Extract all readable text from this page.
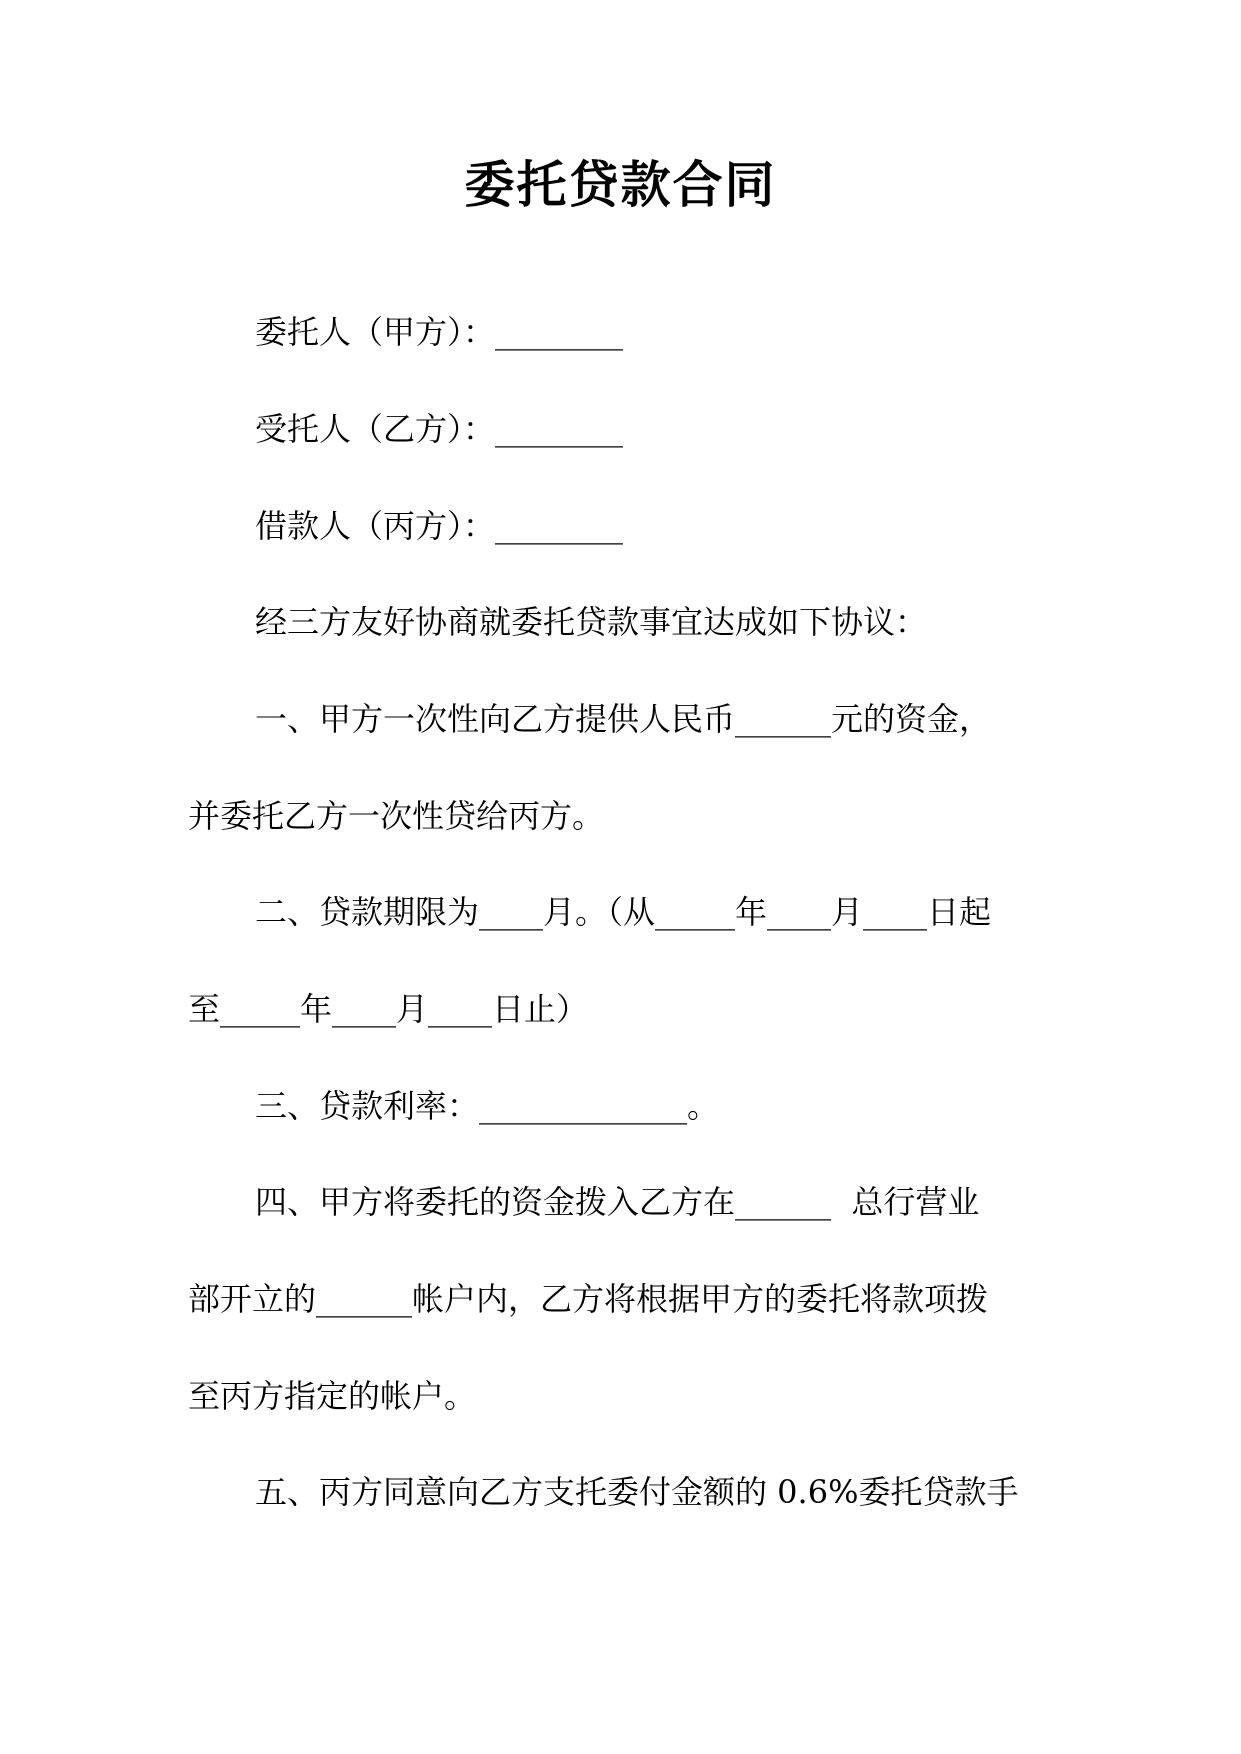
委托贷款合同
委托人（甲方）：________
受托人（乙方）：________
借款人（丙方）：________
经三方友好协商就委托贷款事宜达成如下协议：
一、甲方一次性向乙方提供人民币______元的资金，
并委托乙方一次性贷给丙方。
二、贷款期限为____月。（从_____年____月____日起
至_____年____月____日止）
三、贷款利率：_____________。
四、甲方将委托的资金拨入乙方在______  总行营业
部开立的______帐户内，乙方将根据甲方的委托将款项拨
至丙方指定的帐户。
五、丙方同意向乙方支托委付金额的 0.6%委托贷款手
